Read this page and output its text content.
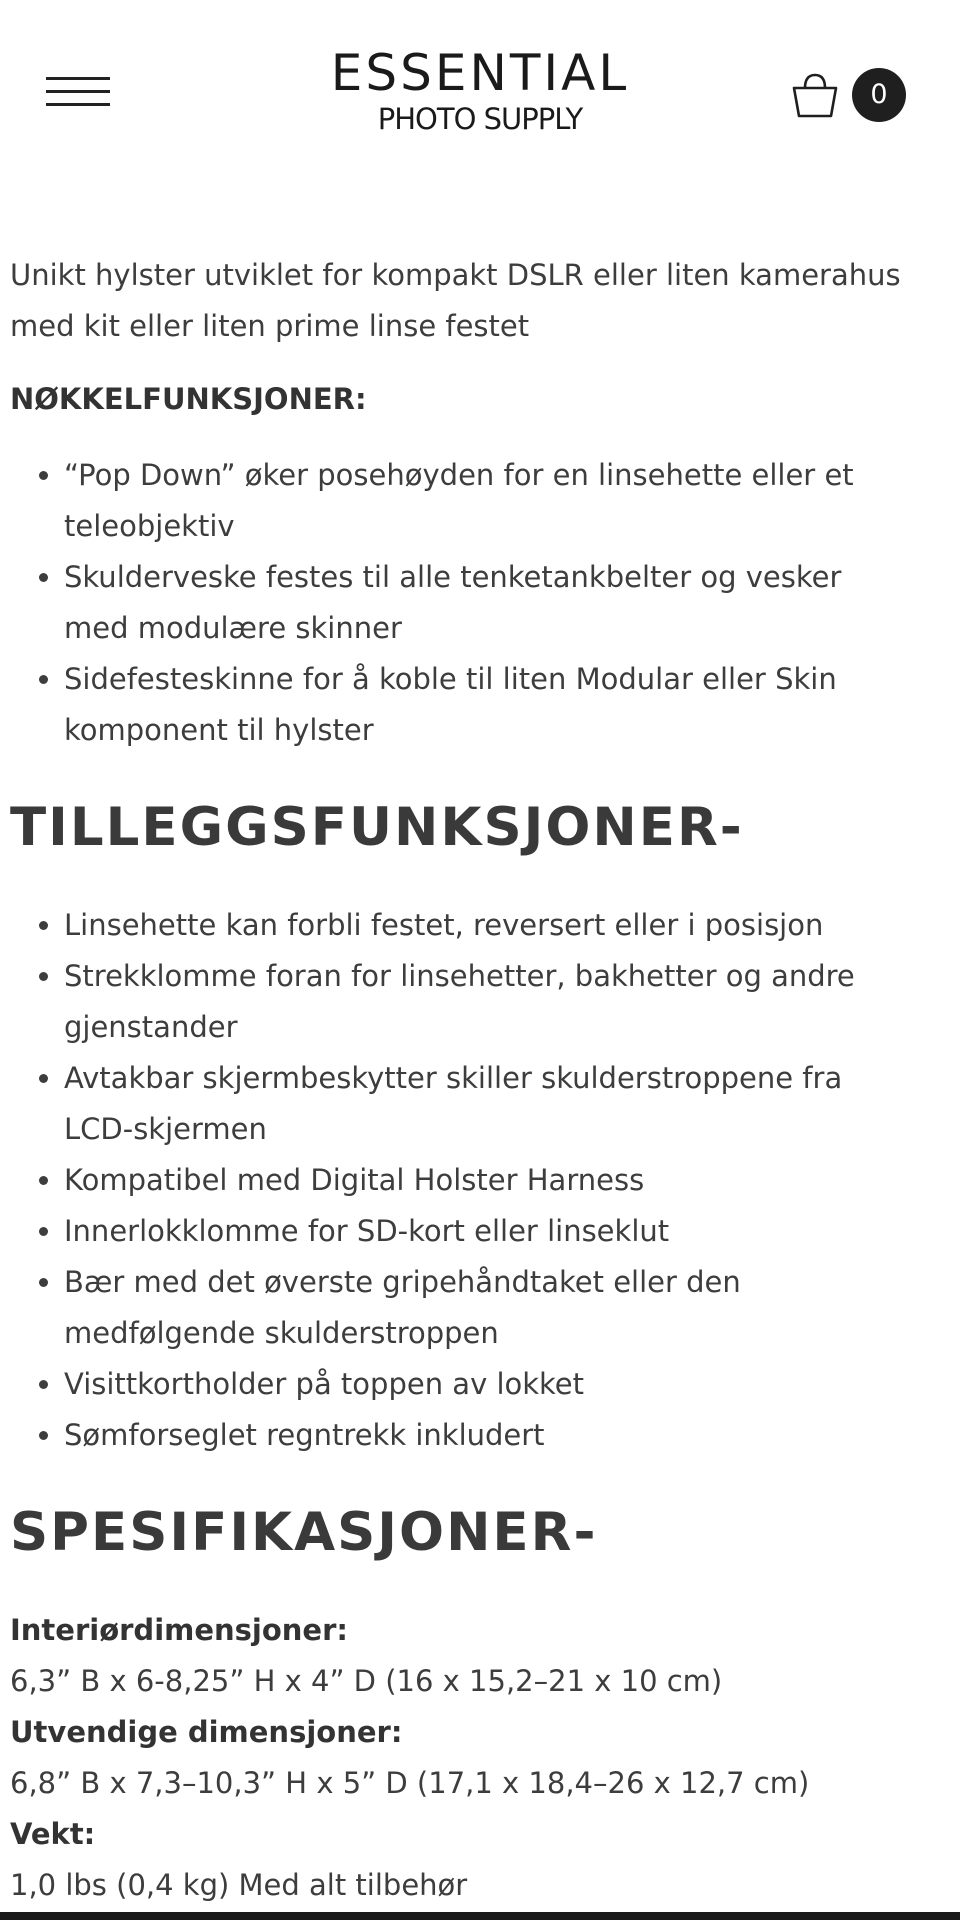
ESSENTIAL
PHOTO SUPPLY
0

Unikt hylster utviklet for kompakt DSLR eller liten kamerahus med kit eller liten prime linse festet

NØKKELFUNKSJONER:
• “Pop Down” øker posehøyden for en linsehette eller et teleobjektiv
• Skulderveske festes til alle tenketankbelter og vesker med modulære skinner
• Sidefesteskinne for å koble til liten Modular eller Skin komponent til hylster
TILLEGGSFUNKSJONER-
• Linsehette kan forbli festet, reversert eller i posisjon
• Strekklomme foran for linsehetter, bakhetter og andre gjenstander
• Avtakbar skjermbeskytter skiller skulderstroppene fra LCD-skjermen
• Kompatibel med Digital Holster Harness
• Innerlokklomme for SD-kort eller linseklut
• Bær med det øverste gripehåndtaket eller den medfølgende skulderstroppen
• Visittkortholder på toppen av lokket
• Sømforseglet regntrekk inkludert
SPESIFIKASJONER-
Interiørdimensjoner:
6,3” B x 6-8,25” H x 4” D (16 x 15,2–21 x 10 cm)
Utvendige dimensjoner:
6,8” B x 7,3–10,3” H x 5” D (17,1 x 18,4–26 x 12,7 cm)
Vekt:
1,0 lbs (0,4 kg) Med alt tilbehør
